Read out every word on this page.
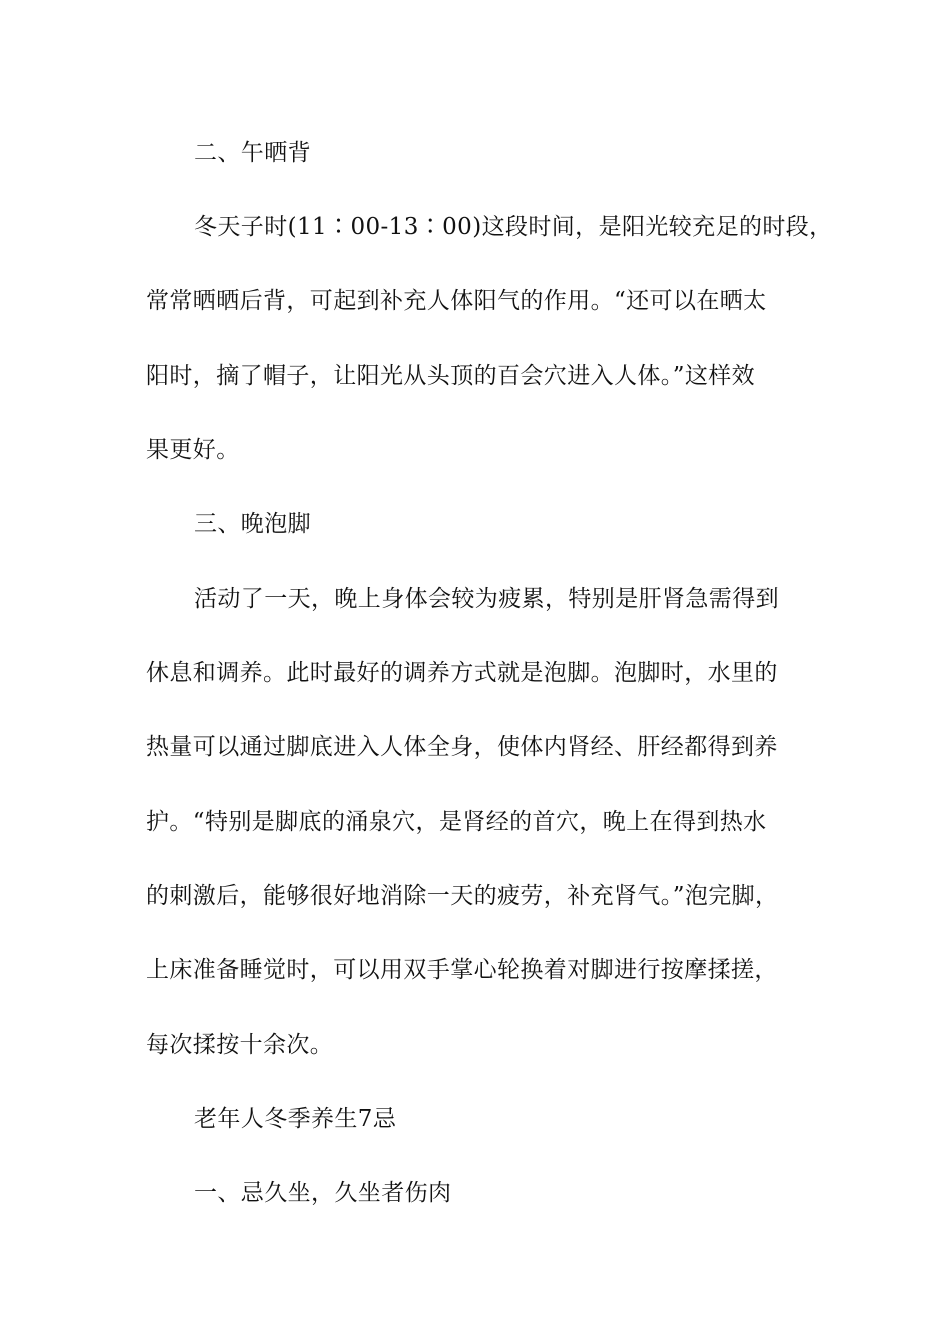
二、午晒背
冬天子时(11∶00-13∶00)这段时间，是阳光较充足的时段，
常常晒晒后背，可起到补充人体阳气的作用。“还可以在晒太
阳时，摘了帽子，让阳光从头顶的百会穴进入人体。”这样效
果更好。
三、晚泡脚
活动了一天，晚上身体会较为疲累，特别是肝肾急需得到
休息和调养。此时最好的调养方式就是泡脚。泡脚时，水里的
热量可以通过脚底进入人体全身，使体内肾经、肝经都得到养
护。“特别是脚底的涌泉穴，是肾经的首穴，晚上在得到热水
的刺激后，能够很好地消除一天的疲劳，补充肾气。”泡完脚，
上床准备睡觉时，可以用双手掌心轮换着对脚进行按摩揉搓，
每次揉按十余次。
老年人冬季养生7忌
一、忌久坐，久坐者伤肉
